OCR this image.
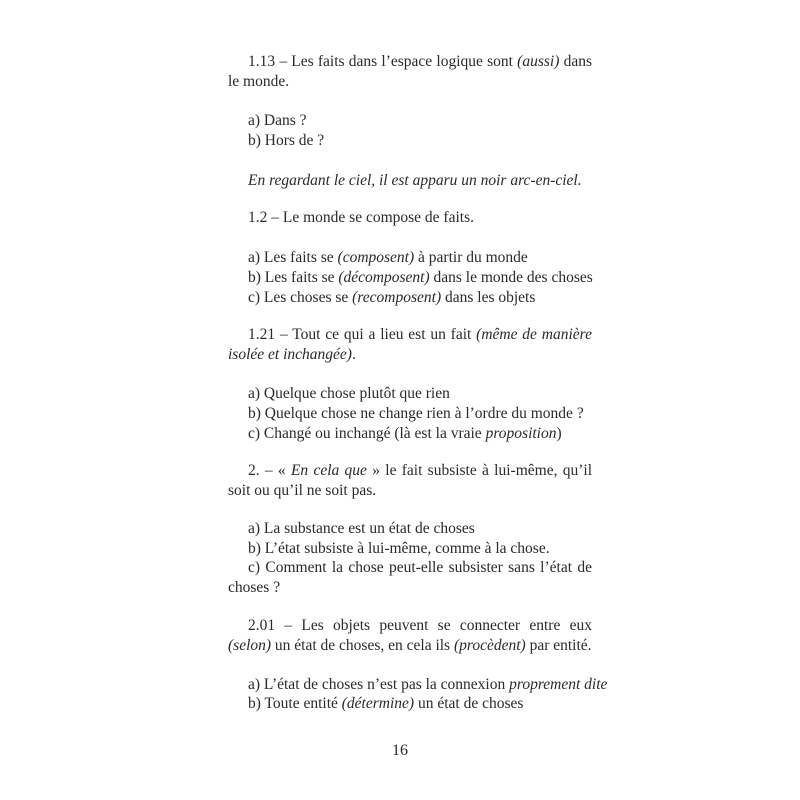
1.13 – Les faits dans l’espace logique sont (aussi) dans le monde.
a) Dans ?
b) Hors de ?
En regardant le ciel, il est apparu un noir arc-en-ciel.
1.2 – Le monde se compose de faits.
a) Les faits se (composent) à partir du monde
b) Les faits se (décomposent) dans le monde des choses
c) Les choses se (recomposent) dans les objets
1.21 – Tout ce qui a lieu est un fait (même de manière isolée et inchangée).
a) Quelque chose plutôt que rien
b) Quelque chose ne change rien à l’ordre du monde ?
c) Changé ou inchangé (là est la vraie proposition)
2. – « En cela que » le fait subsiste à lui-même, qu’il soit ou qu’il ne soit pas.
a) La substance est un état de choses
b) L’état subsiste à lui-même, comme à la chose.
c) Comment la chose peut-elle subsister sans l’état de choses ?
2.01 – Les objets peuvent se connecter entre eux (selon) un état de choses, en cela ils (procèdent) par entité.
a) L’état de choses n’est pas la connexion proprement dite
b) Toute entité (détermine) un état de choses
16
